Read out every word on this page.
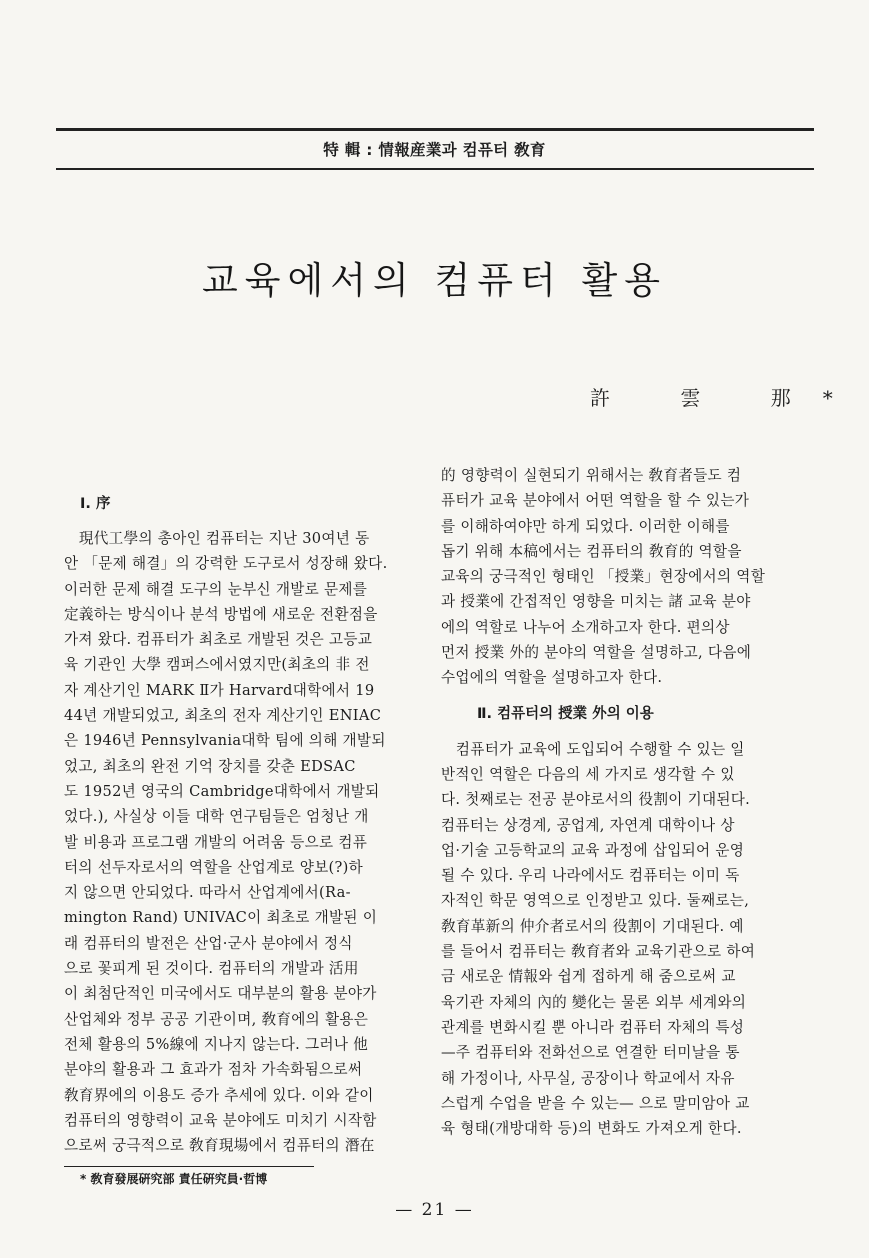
特 輯 : 情報産業과 컴퓨터 敎育
교육에서의 컴퓨터 활용
許 雲 那*
Ⅰ. 序
　現代工學의 총아인 컴퓨터는 지난 30여년 동
안 「문제 해결」의 강력한 도구로서 성장해 왔다.
이러한 문제 해결 도구의 눈부신 개발로 문제를
定義하는 방식이나 분석 방법에 새로운 전환점을
가져 왔다. 컴퓨터가 최초로 개발된 것은 고등교
육 기관인 大學 캠퍼스에서였지만(최초의 非 전
자 계산기인 MARK Ⅱ가 Harvard대학에서 19
44년 개발되었고, 최초의 전자 계산기인 ENIAC
은 1946년 Pennsylvania대학 팀에 의해 개발되
었고, 최초의 완전 기억 장치를 갖춘 EDSAC
도 1952년 영국의 Cambridge대학에서 개발되
었다.), 사실상 이들 대학 연구팀들은 엄청난 개
발 비용과 프로그램 개발의 어려움 등으로 컴퓨
터의 선두자로서의 역할을 산업계로 양보(?)하
지 않으면 안되었다. 따라서 산업계에서(Ra-
mington Rand) UNIVAC이 최초로 개발된 이
래 컴퓨터의 발전은 산업·군사 분야에서 정식
으로 꽃피게 된 것이다. 컴퓨터의 개발과 活用
이 최첨단적인 미국에서도 대부분의 활용 분야가
산업체와 정부 공공 기관이며, 敎育에의 활용은
전체 활용의 5%線에 지나지 않는다. 그러나 他
분야의 활용과 그 효과가 점차 가속화됨으로써
敎育界에의 이용도 증가 추세에 있다. 이와 같이
컴퓨터의 영향력이 교육 분야에도 미치기 시작함
으로써 궁극적으로 敎育現場에서 컴퓨터의 潛在
的 영향력이 실현되기 위해서는 敎育者들도 컴
퓨터가 교육 분야에서 어떤 역할을 할 수 있는가
를 이해하여야만 하게 되었다. 이러한 이해를
돕기 위해 本稿에서는 컴퓨터의 敎育的 역할을
교육의 궁극적인 형태인 「授業」현장에서의 역할
과 授業에 간접적인 영향을 미치는 諸 교육 분야
에의 역할로 나누어 소개하고자 한다. 편의상
먼저 授業 外的 분야의 역할을 설명하고, 다음에
수업에의 역할을 설명하고자 한다.
Ⅱ. 컴퓨터의 授業 外의 이용
　컴퓨터가 교육에 도입되어 수행할 수 있는 일
반적인 역할은 다음의 세 가지로 생각할 수 있
다. 첫째로는 전공 분야로서의 役割이 기대된다.
컴퓨터는 상경계, 공업계, 자연계 대학이나 상
업·기술 고등학교의 교육 과정에 삽입되어 운영
될 수 있다. 우리 나라에서도 컴퓨터는 이미 독
자적인 학문 영역으로 인정받고 있다. 둘째로는,
敎育革新의 仲介者로서의 役割이 기대된다. 예
를 들어서 컴퓨터는 敎育者와 교육기관으로 하여
금 새로운 情報와 쉽게 접하게 해 줌으로써 교
육기관 자체의 內的 變化는 물론 외부 세계와의
관계를 변화시킬 뿐 아니라 컴퓨터 자체의 특성
—주 컴퓨터와 전화선으로 연결한 터미날을 통
해 가정이나, 사무실, 공장이나 학교에서 자유
스럽게 수업을 받을 수 있는— 으로 말미암아 교
육 형태(개방대학 등)의 변화도 가져오게 한다.
* 敎育發展硏究部 責任硏究員·哲博
— 21 —
